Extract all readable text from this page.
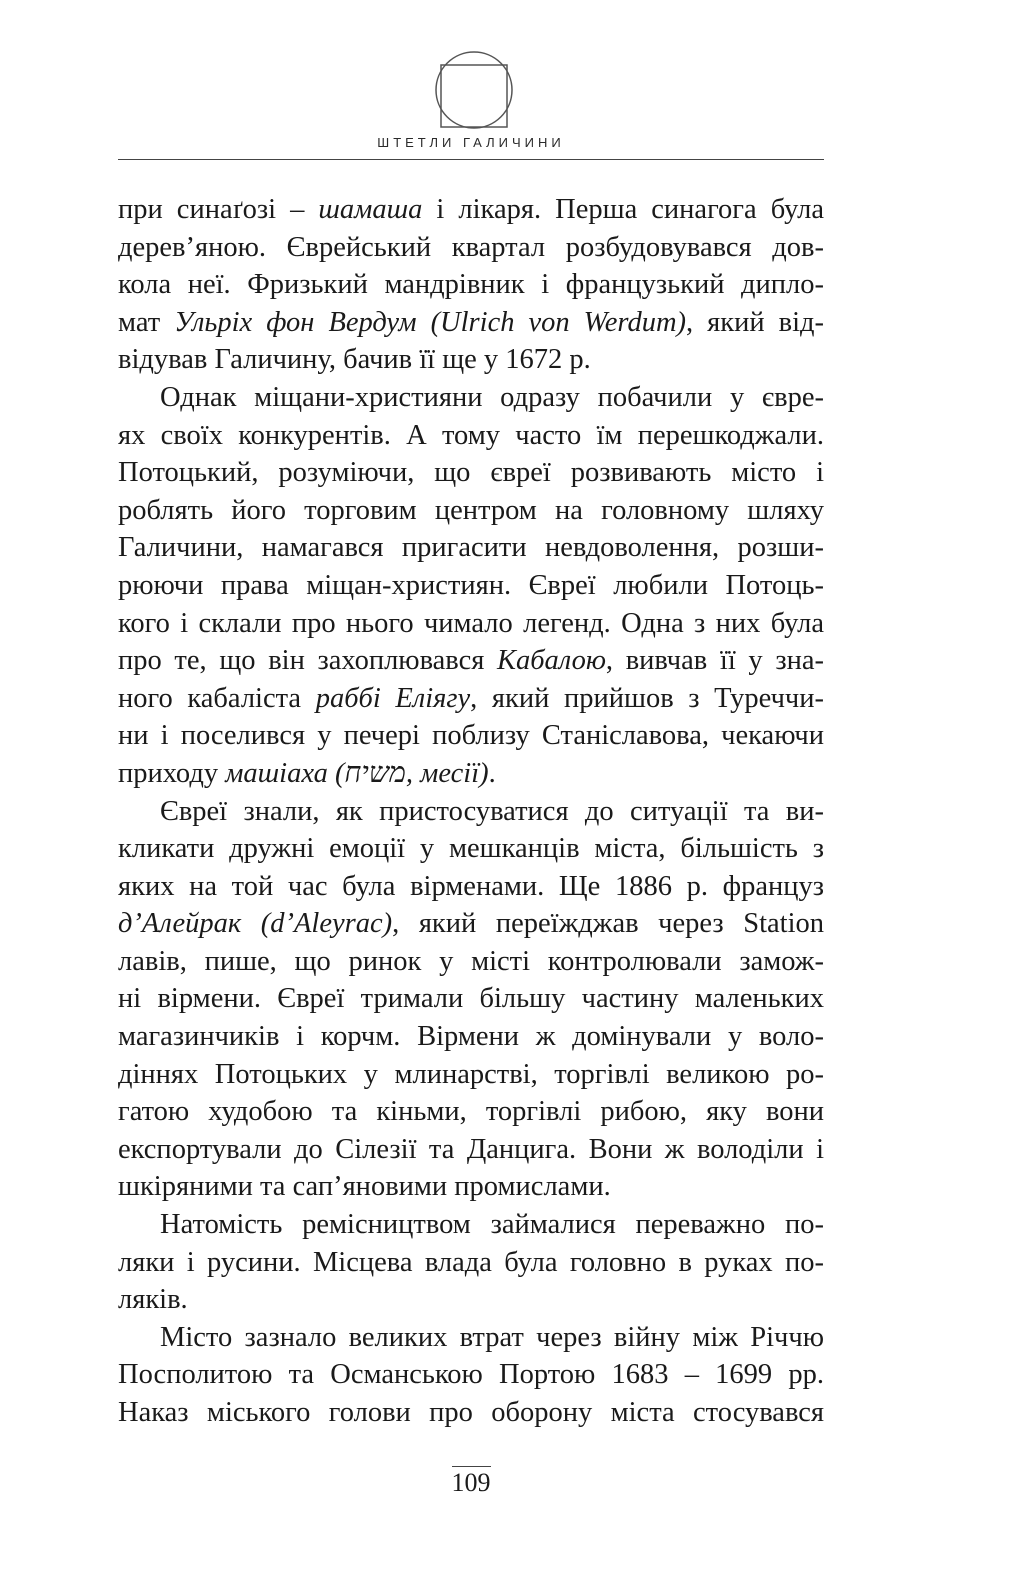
ШТЕТЛИ ГАЛИЧИНИ
при синаґозі – шамаша і лікаря. Перша синагога була
дерев’яною. Єврейський квартал розбудовувався дов-
кола неї. Фризький мандрівник і французький дипло-
мат Ульріх фон Вердум (Ulrich von Werdum), який від-
відував Галичину, бачив її ще у 1672 р.
Однак міщани-християни одразу побачили у євре-
ях своїх конкурентів. А тому часто їм перешкоджали.
Потоцький, розуміючи, що євреї розвивають місто і
роблять його торговим центром на головному шляху
Галичини, намагався пригасити невдоволення, розши-
рюючи права міщан-християн. Євреї любили Потоць-
кого і склали про нього чимало легенд. Одна з них була
про те, що він захоплювався Кабалою, вивчав її у зна-
ного кабаліста раббі Еліягу, який прийшов з Туреччи-
ни і поселився у печері поблизу Станіславова, чекаючи
приходу машіаха (משיח, месії).
Євреї знали, як пристосуватися до ситуації та ви-
кликати дружні емоції у мешканців міста, більшість з
яких на той час була вірменами. Ще 1886 р. француз
д’Алейрак (d’Aleyrac), який переїжджав через Station
лавів, пише, що ринок у місті контролювали замож-
ні вірмени. Євреї тримали більшу частину маленьких
магазинчиків і корчм. Вірмени ж домінували у воло-
діннях Потоцьких у млинарстві, торгівлі великою ро-
гатою худобою та кіньми, торгівлі рибою, яку вони
експортували до Сілезії та Данцига. Вони ж володіли і
шкіряними та сап’яновими промислами.
Натомість ремісництвом займалися переважно по-
ляки і русини. Місцева влада була головно в руках по-
ляків.
Місто зазнало великих втрат через війну між Річчю
Посполитою та Османською Портою 1683 – 1699 рр.
Наказ міського голови про оборону міста стосувався
109
